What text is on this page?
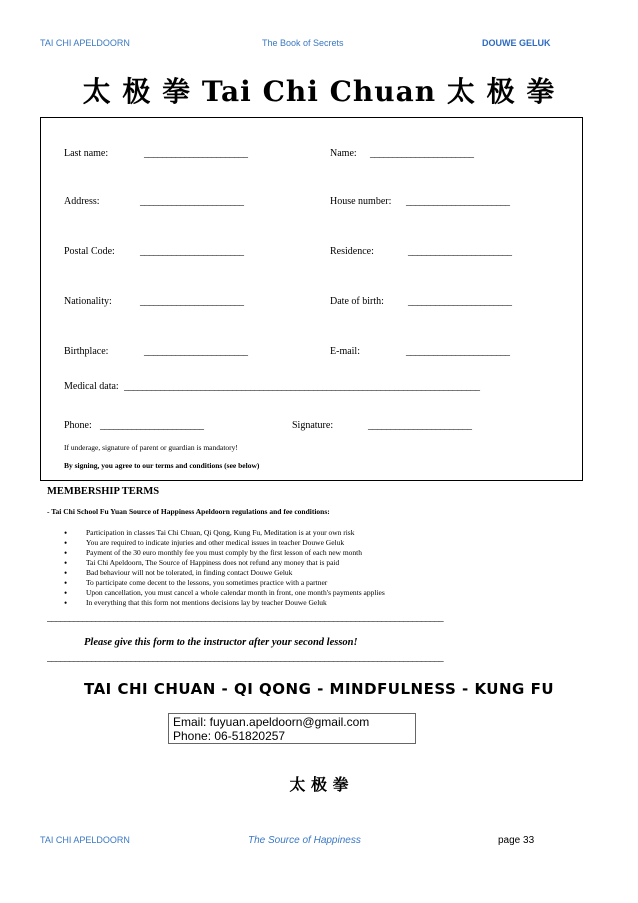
TAI CHI APELDOORN	The Book of Secrets	DOUWE GELUK
太 极 拳 Tai Chi Chuan 太 极 拳
Last name:	_______________________	Name: _______________________
Address:	_______________________	House number: _______________________
Postal Code:	_______________________	Residence:	_______________________
Nationality:	_______________________	Date of birth: _______________________
Birthplace:	_______________________	E-mail:	_______________________
Medical data: _______________________________________________________________________________
Phone: _______________________	Signature:	_______________________
If underage, signature of parent or guardian is mandatory!
By signing, you agree to our terms and conditions (see below)
MEMBERSHIP TERMS
- Tai Chi School Fu Yuan Source of Happiness Apeldoorn regulations and fee conditions:
• Participation in classes Tai Chi Chuan, Qi Qong, Kung Fu, Meditation is at your own risk
• You are required to indicate injuries and other medical issues in teacher Douwe Geluk
• Payment of the 30 euro monthly fee you must comply by the first lesson of each new month
• Tai Chi Apeldoorn, The Source of Happiness does not refund any money that is paid
• Bad behaviour will not be tolerated, in finding contact Douwe Geluk
• To participate come decent to the lessons, you sometimes practice with a partner
• Upon cancellation, you must cancel a whole calendar month in front, one month's payments applies
• In everything that this form not mentions decisions lay by teacher Douwe Geluk
__________________________________________________________________________________________
Please give this form to the instructor after your second lesson!
__________________________________________________________________________________________
TAI CHI CHUAN - QI QONG - MINDFULNESS - KUNG FU
Email: fuyuan.apeldoorn@gmail.com
Phone: 06-51820257
太 极 拳
TAI CHI APELDOORN	The Source of Happiness	page 33
